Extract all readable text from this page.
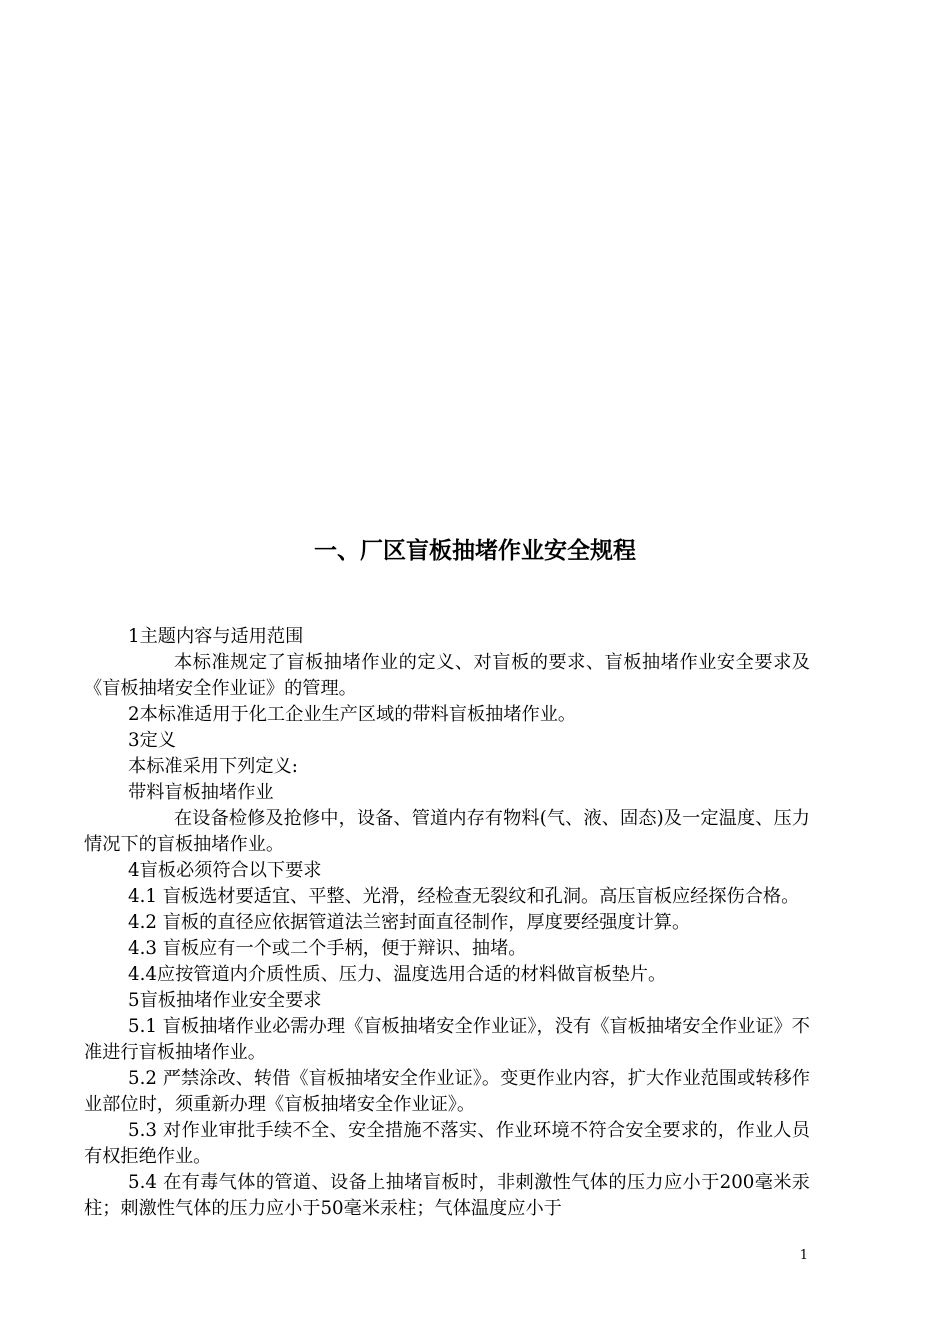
一、厂区盲板抽堵作业安全规程

1主题内容与适用范围

本标准规定了盲板抽堵作业的定义、对盲板的要求、盲板抽堵作业安全要求及《盲板抽堵安全作业证》的管理。

2本标准适用于化工企业生产区域的带料盲板抽堵作业。

3定义

本标准采用下列定义:

带料盲板抽堵作业

在设备检修及抢修中，设备、管道内存有物料(气、液、固态)及一定温度、压力情况下的盲板抽堵作业。

4盲板必须符合以下要求

4.1 盲板选材要适宜、平整、光滑，经检查无裂纹和孔洞。高压盲板应经探伤合格。

4.2 盲板的直径应依据管道法兰密封面直径制作，厚度要经强度计算。

4.3 盲板应有一个或二个手柄，便于辩识、抽堵。

4.4应按管道内介质性质、压力、温度选用合适的材料做盲板垫片。

5盲板抽堵作业安全要求

5.1 盲板抽堵作业必需办理《盲板抽堵安全作业证》，没有《盲板抽堵安全作业证》不准进行盲板抽堵作业。

5.2 严禁涂改、转借《盲板抽堵安全作业证》。变更作业内容，扩大作业范围或转移作业部位时，须重新办理《盲板抽堵安全作业证》。

5.3 对作业审批手续不全、安全措施不落实、作业环境不符合安全要求的，作业人员有权拒绝作业。

5.4 在有毒气体的管道、设备上抽堵盲板时，非刺激性气体的压力应小于200毫米汞柱；刺激性气体的压力应小于50毫米汞柱；气体温度应小于

1
